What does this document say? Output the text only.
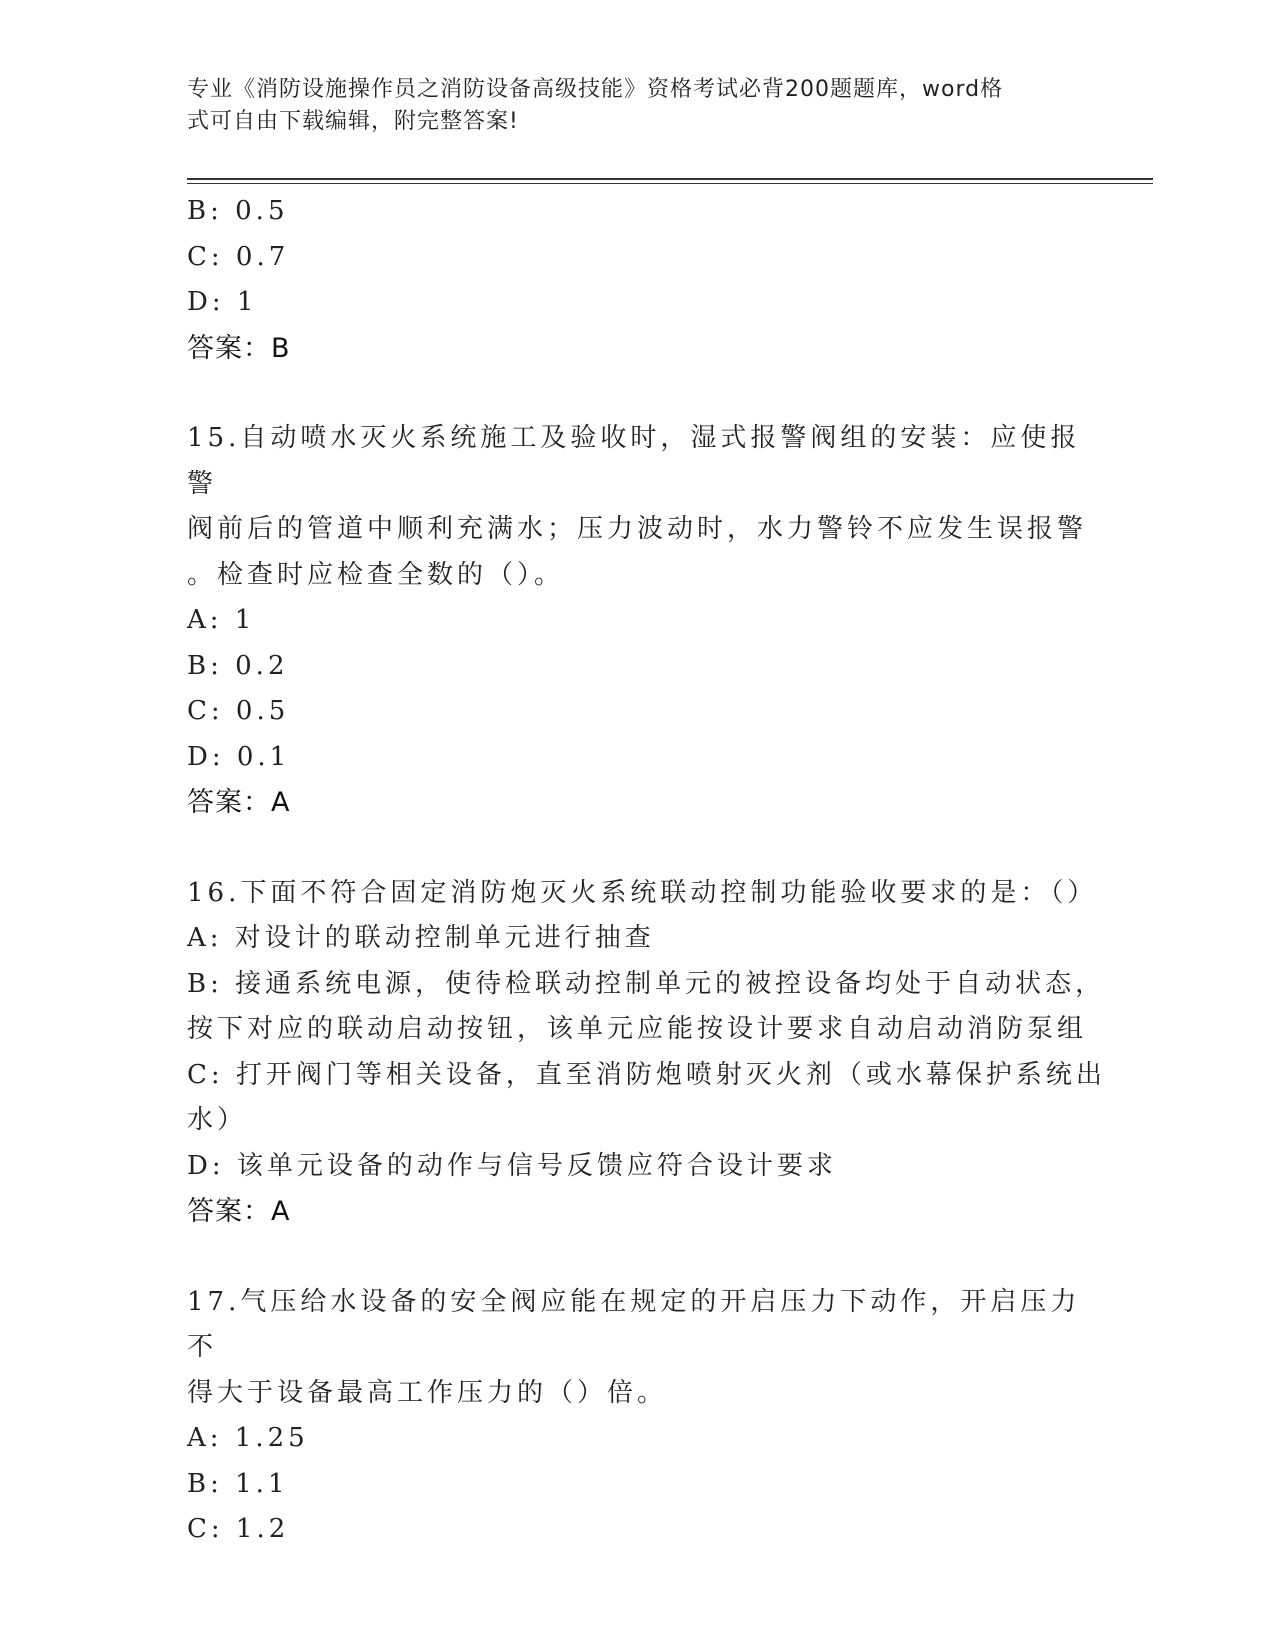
专业《消防设施操作员之消防设备高级技能》资格考试必背200题题库，word格
式可自由下载编辑，附完整答案!
B: 0.5
C: 0.7
D: 1
答案：B
15.自动喷水灭火系统施工及验收时，湿式报警阀组的安装：应使报警
阀前后的管道中顺利充满水；压力波动时，水力警铃不应发生误报警
。检查时应检查全数的（）。
A: 1
B: 0.2
C: 0.5
D: 0.1
答案：A
16.下面不符合固定消防炮灭火系统联动控制功能验收要求的是：（）
A: 对设计的联动控制单元进行抽查
B: 接通系统电源，使待检联动控制单元的被控设备均处于自动状态，
按下对应的联动启动按钮，该单元应能按设计要求自动启动消防泵组
C: 打开阀门等相关设备，直至消防炮喷射灭火剂（或水幕保护系统出
水）
D: 该单元设备的动作与信号反馈应符合设计要求
答案：A
17.气压给水设备的安全阀应能在规定的开启压力下动作，开启压力不
得大于设备最高工作压力的（）倍。
A: 1.25
B: 1.1
C: 1.2
